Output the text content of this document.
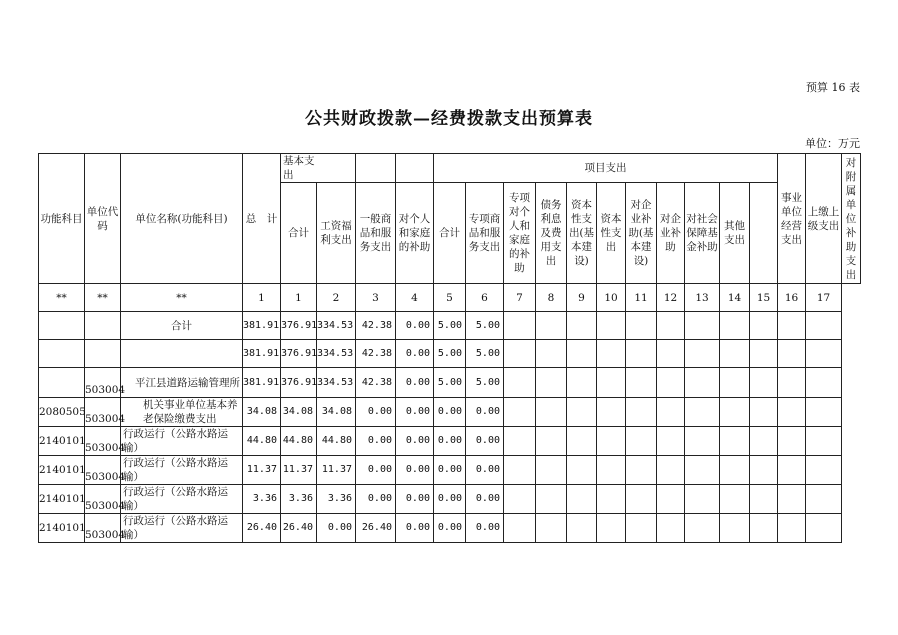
预算 16 表
公共财政拨款—经费拨款支出预算表
单位：万元
功能科目	单位代码	单位名称(功能科目)	总　计	基本支出				项目支出											事业单位经营支出	上缴上级支出	对附属单位补助支出
				合计	工资福利支出	一般商品和服务支出	对个人和家庭的补助	合计	专项商品和服务支出	专项对个人和家庭的补助	债务利息及费用支出	资本性支出(基本建设)	资本性支出	对企业补助(基本建设)	对企业补助	对社会保障基金补助	其他支出				
**	**	**	1	1	2	3	4	5	6	7	8	9	10	11	12	13	14	15	16	17	
		合计	381.91	376.91	334.53	42.38	0.00	5.00	5.00												
			381.91	376.91	334.53	42.38	0.00	5.00	5.00												
	503004	平江县道路运输管理所	381.91	376.91	334.53	42.38	0.00	5.00	5.00												
2080505	503004	机关事业单位基本养老保险缴费支出	34.08	34.08	34.08	0.00	0.00	0.00	0.00												
2140101	503004	行政运行（公路水路运输）	44.80	44.80	44.80	0.00	0.00	0.00	0.00												
2140101	503004	行政运行（公路水路运输）	11.37	11.37	11.37	0.00	0.00	0.00	0.00												
2140101	503004	行政运行（公路水路运输）	3.36	3.36	3.36	0.00	0.00	0.00	0.00												
2140101	503004	行政运行（公路水路运输）	26.40	26.40	0.00	26.40	0.00	0.00	0.00												
